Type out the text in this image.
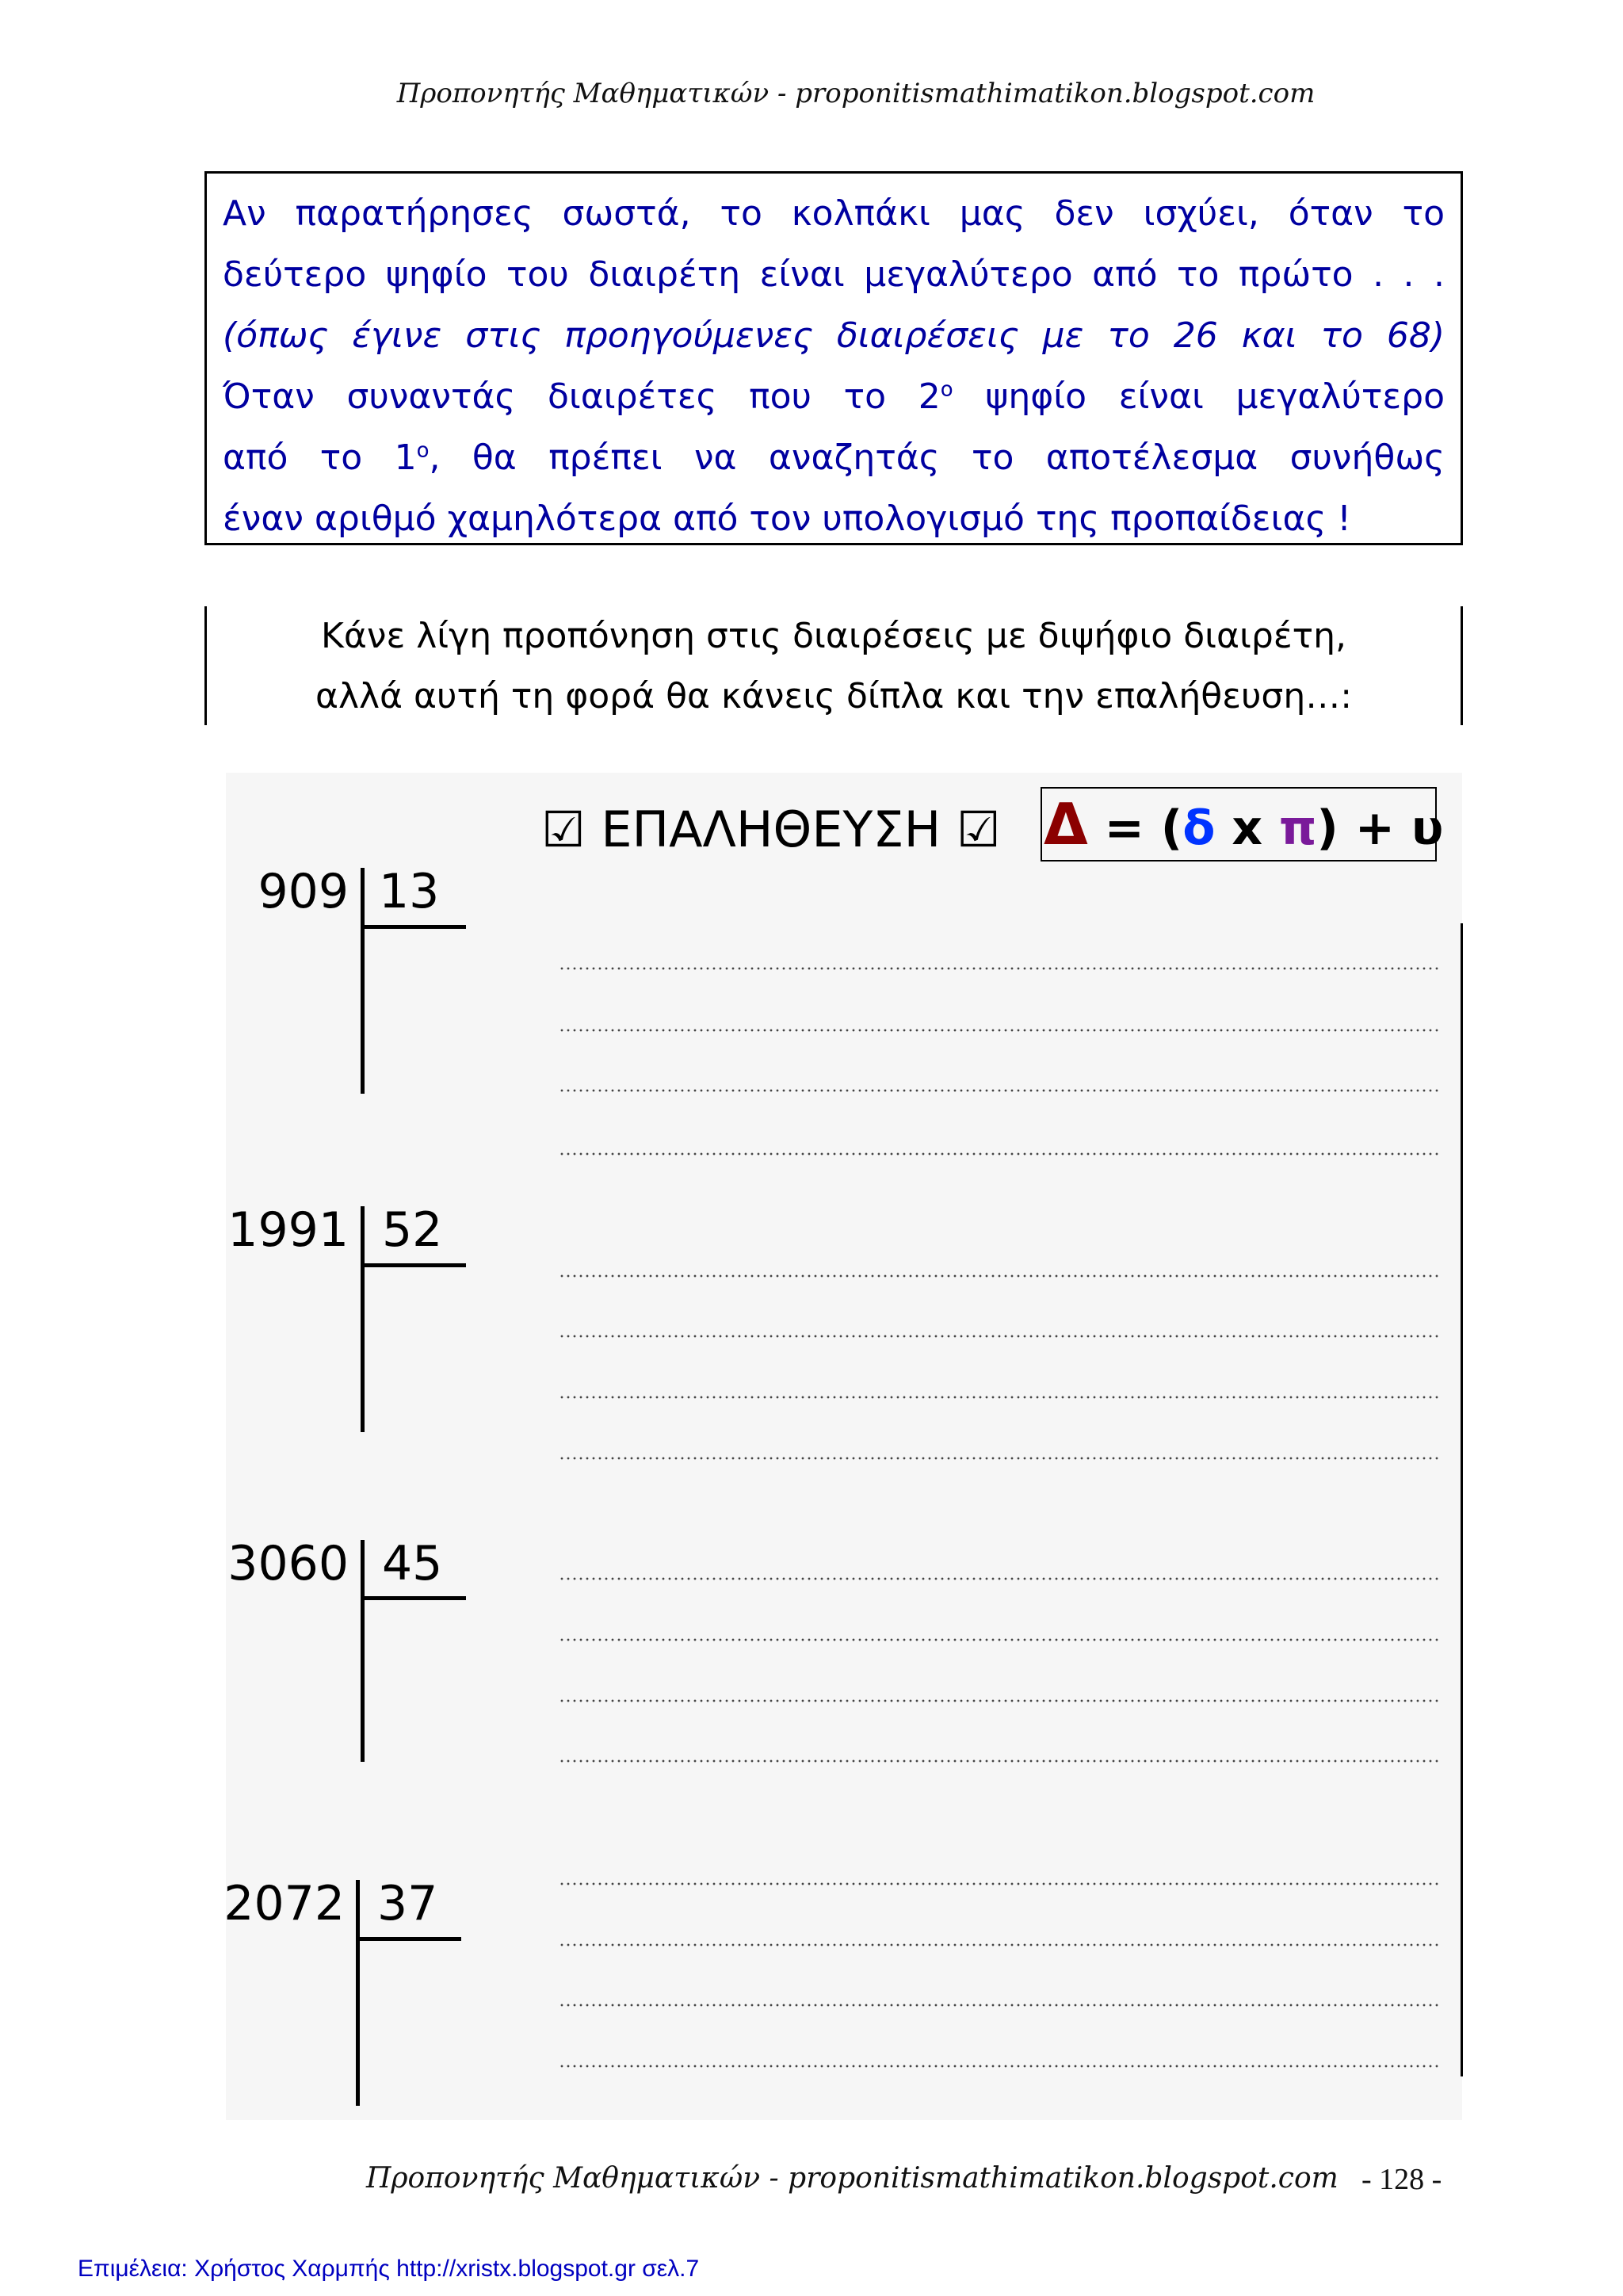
Προπονητής Μαθηματικών - proponitismathimatikon.blogspot.com
Αν παρατήρησες σωστά, το κολπάκι μας δεν ισχύει, όταν το
δεύτερο ψηφίο του διαιρέτη είναι μεγαλύτερο από το πρώτο . . .
(όπως έγινε στις προηγούμενες διαιρέσεις με το 26 και το 68)
Όταν συναντάς διαιρέτες που το $2^o$ ψηφίο είναι μεγαλύτερο
από το $1^o$, θα πρέπει να αναζητάς το αποτέλεσμα συνήθως
έναν αριθμό χαμηλότερα από τον υπολογισμό της προπαίδειας !
Κάνε λίγη προπόνηση στις διαιρέσεις με διψήφιο διαιρέτη,
αλλά αυτή τη φορά θα κάνεις δίπλα και την επαλήθευση…:
☑ ΕΠΑΛΗΘΕΥΣΗ ☑ Δ = (δ x π) + υ
909 13
1991 52
3060 45
2072 37
Προπονητής Μαθηματικών - proponitismathimatikon.blogspot.com - 128 -
Επιμέλεια: Χρήστος Χαρμπής http://xristx.blogspot.gr σελ.7
